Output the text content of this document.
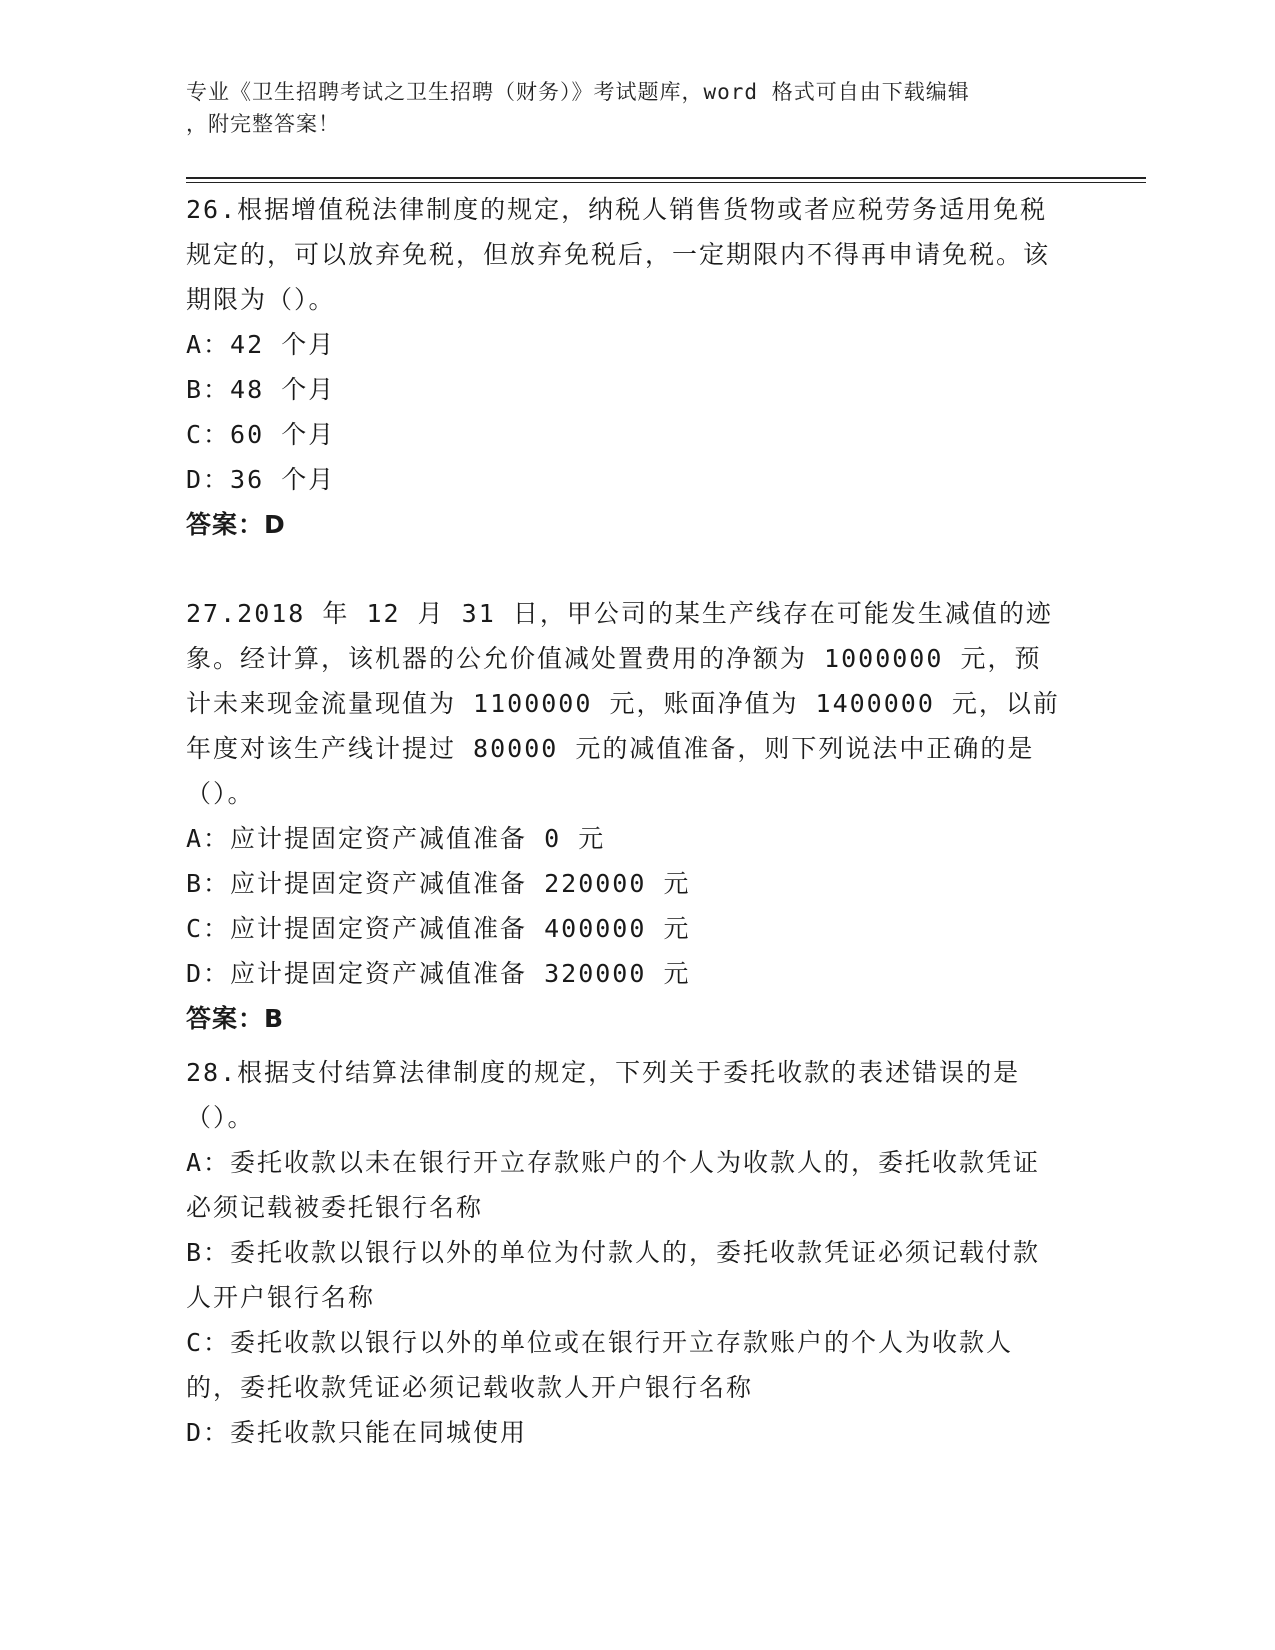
专业《卫生招聘考试之卫生招聘（财务）》考试题库，word 格式可自由下载编辑
，附完整答案！

26.根据增值税法律制度的规定，纳税人销售货物或者应税劳务适用免税规定的，可以放弃免税，但放弃免税后，一定期限内不得再申请免税。该期限为（）。

A：42 个月

B：48 个月

C：60 个月

D：36 个月

答案：D

27.2018 年 12 月 31 日，甲公司的某生产线存在可能发生减值的迹象。经计算，该机器的公允价值减处置费用的净额为 1000000 元，预计未来现金流量现值为 1100000 元，账面净值为 1400000 元，以前年度对该生产线计提过 80000 元的减值准备，则下列说法中正确的是（）。

A：应计提固定资产减值准备 0 元

B：应计提固定资产减值准备 220000 元

C：应计提固定资产减值准备 400000 元

D：应计提固定资产减值准备 320000 元

答案：B

28.根据支付结算法律制度的规定，下列关于委托收款的表述错误的是（）。

A：委托收款以未在银行开立存款账户的个人为收款人的，委托收款凭证必须记载被委托银行名称

B：委托收款以银行以外的单位为付款人的，委托收款凭证必须记载付款人开户银行名称

C：委托收款以银行以外的单位或在银行开立存款账户的个人为收款人的，委托收款凭证必须记载收款人开户银行名称

D：委托收款只能在同城使用
